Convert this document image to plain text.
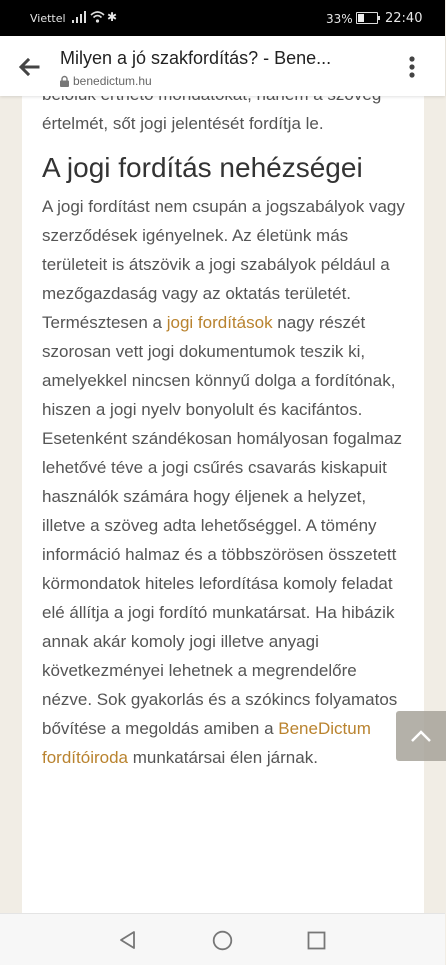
Viettel	✱	33% 22:40
Milyen a jó szakfordítás? - Bene...
benedictum.hu

értelmét, sőt jogi jelentését fordítja le.

A jogi fordítás nehézségei

A jogi fordítást nem csupán a jogszabályok vagy szerződések igényelnek. Az életünk más területeit is átszövik a jogi szabályok például a mezőgazdaság vagy az oktatás területét. Természtesen a jogi fordítások nagy részét szorosan vett jogi dokumentumok teszik ki, amelyekkel nincsen könnyű dolga a fordítónak, hiszen a jogi nyelv bonyolult és kacifántos. Esetenként szándékosan homályosan fogalmaz lehetővé téve a jogi csűrés csavarás kiskapuit használók számára hogy éljenek a helyzet, illetve a szöveg adta lehetőséggel. A tömény információ halmaz és a többszörösen összetett körmondatok hiteles lefordítása komoly feladat elé állítja a jogi fordító munkatársat. Ha hibázik annak akár komoly jogi illetve anyagi következményei lehetnek a megrendelőre nézve. Sok gyakorlás és a szókincs folyamatos bővítése a megoldás amiben a BeneDictum fordítóiroda munkatársai élen járnak.
